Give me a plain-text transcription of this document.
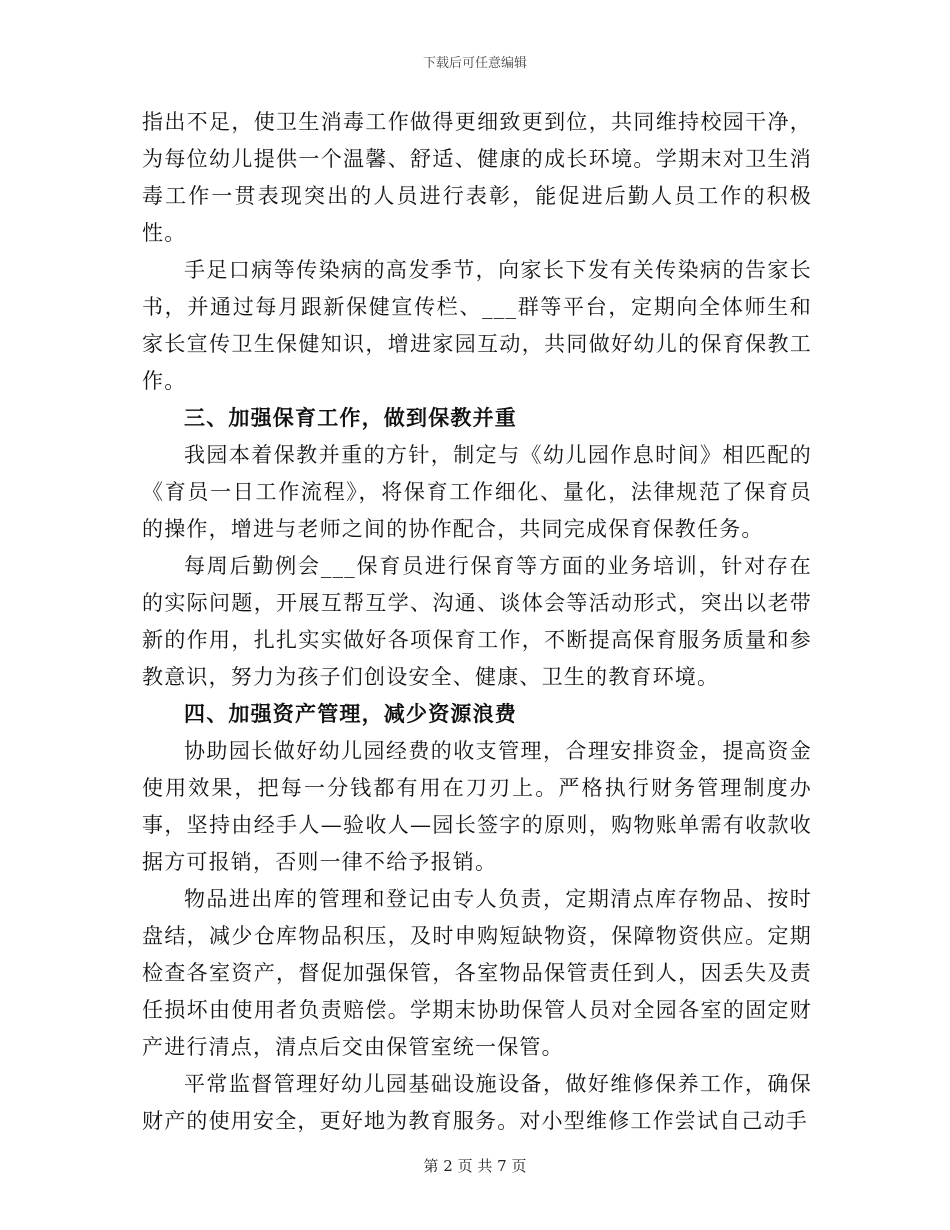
下载后可任意编辑

指出不足，使卫生消毒工作做得更细致更到位，共同维持校园干净，为每位幼儿提供一个温馨、舒适、健康的成长环境。学期末对卫生消毒工作一贯表现突出的人员进行表彰，能促进后勤人员工作的积极性。

手足口病等传染病的高发季节，向家长下发有关传染病的告家长书，并通过每月跟新保健宣传栏、___群等平台，定期向全体师生和家长宣传卫生保健知识，增进家园互动，共同做好幼儿的保育保教工作。

三、加强保育工作，做到保教并重

我园本着保教并重的方针，制定与《幼儿园作息时间》相匹配的《育员一日工作流程》，将保育工作细化、量化，法律规范了保育员的操作，增进与老师之间的协作配合，共同完成保育保教任务。

每周后勤例会___保育员进行保育等方面的业务培训，针对存在的实际问题，开展互帮互学、沟通、谈体会等活动形式，突出以老带新的作用，扎扎实实做好各项保育工作，不断提高保育服务质量和参教意识，努力为孩子们创设安全、健康、卫生的教育环境。

四、加强资产管理，减少资源浪费

协助园长做好幼儿园经费的收支管理，合理安排资金，提高资金使用效果，把每一分钱都有用在刀刃上。严格执行财务管理制度办事，坚持由经手人—验收人—园长签字的原则，购物账单需有收款收据方可报销，否则一律不给予报销。

物品进出库的管理和登记由专人负责，定期清点库存物品、按时盘结，减少仓库物品积压，及时申购短缺物资，保障物资供应。定期检查各室资产，督促加强保管，各室物品保管责任到人，因丢失及责任损坏由使用者负责赔偿。学期末协助保管人员对全园各室的固定财产进行清点，清点后交由保管室统一保管。

平常监督管理好幼儿园基础设施设备，做好维修保养工作，确保财产的使用安全，更好地为教育服务。对小型维修工作尝试自己动手

第 2 页 共 7 页
